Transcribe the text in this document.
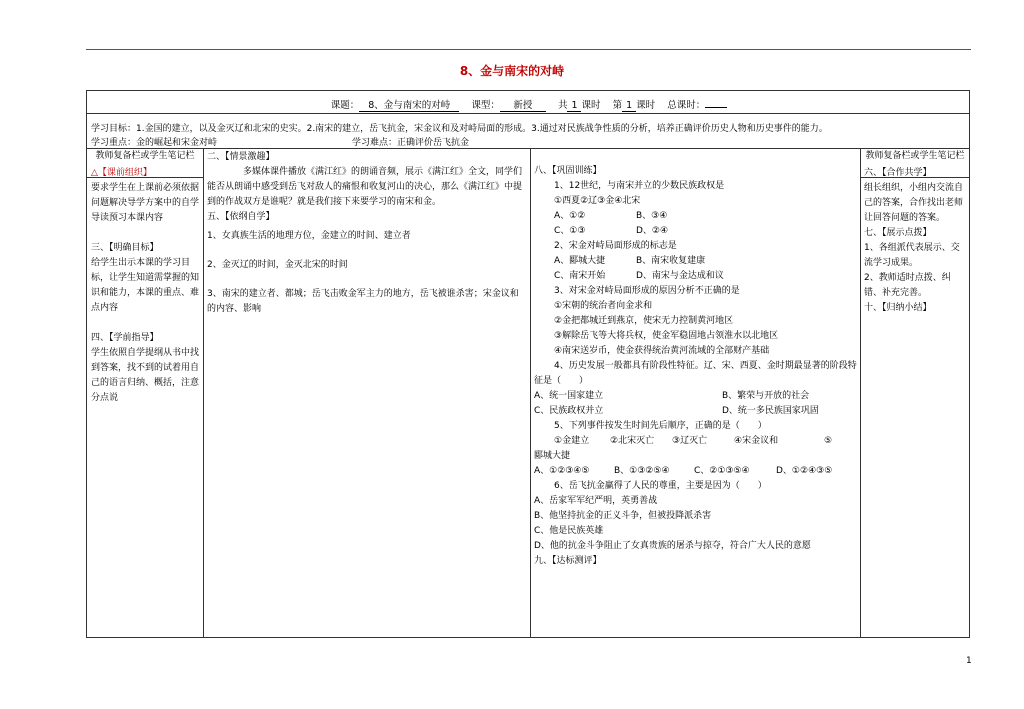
8、金与南宋的对峙
课题： 8、金与南宋的对峙 课型： 新授	共 1 课时 第 1 课时 总课时：
学习目标：1.金国的建立，以及金灭辽和北宋的史实。2.南宋的建立，岳飞抗金，宋金议和及对峙局面的形成。3.通过对民族战争性质的分析，培养正确评价历史人物和历史事件的能力。
学习重点：金的崛起和宋金对峙	学习难点：正确评价岳飞抗金

教师复备栏或学生笔记栏

△【课前组织】

要求学生在上课前必须依据问题解决导学方案中的自学导读预习本课内容

三、【明确目标】

给学生出示本课的学习目标，让学生知道需掌握的知识和能力，本课的重点、难点内容

四、【学前指导】

学生依照自学提纲从书中找到答案，找不到的试着用自己的语言归纳、概括，注意分点说

二、【情景激趣】

多媒体课件播放《满江红》的朗诵音频，展示《满江红》全文，同学们能否从朗诵中感受到岳飞对敌人的痛恨和收复河山的决心，那么《满江红》中提到的作战双方是谁呢？就是我们接下来要学习的南宋和金。

五、【依纲自学】

1、女真族生活的地理方位，金建立的时间、建立者

2、金灭辽的时间，金灭北宋的时间

3、南宋的建立者、都城；岳飞击败金军主力的地方，岳飞被谁杀害；宋金议和的内容、影响

八、【巩固训练】

1、12世纪，与南宋并立的少数民族政权是

①西夏②辽③金④北宋

A、①②	B、③④
C、①③	D、②④

2、宋金对峙局面形成的标志是

A、郾城大捷	B、南宋收复建康
C、南宋开始	D、南宋与金达成和议

3、对宋金对峙局面形成的原因分析不正确的是

①宋朝的统治者向金求和

②金把都城迁到燕京，使宋无力控制黄河地区

③解除岳飞等大将兵权，使金军稳固地占领淮水以北地区

④南宋送岁币，使金获得统治黄河流域的全部财产基础

4、历史发展一般都具有阶段性特征。辽、宋、西夏、金时期最显著的阶段特征是（　　）

A、统一国家建立	B、繁荣与开放的社会
C、民族政权并立	D、统一多民族国家巩固

5、下列事件按发生时间先后顺序，正确的是（　　）

①金建立	②北宋灭亡	③辽灭亡	④宋金议和	⑤

郾城大捷

A、①②③④⑤	B、①③②⑤④	C、②①③⑤④	D、①②④③⑤

6、岳飞抗金赢得了人民的尊重，主要是因为（　　）

A、岳家军军纪严明，英勇善战

B、他坚持抗金的正义斗争，但被投降派杀害

C、他是民族英雄

D、他的抗金斗争阻止了女真贵族的屠杀与掠夺，符合广大人民的意愿

九、【达标测评】

教师复备栏或学生笔记栏

六、【合作共学】

组长组织，小组内交流自己的答案，合作找出老师让回答问题的答案。

七、【展示点拨】

1、各组派代表展示、交流学习成果。

2、教师适时点拨、纠错、补充完善。

十、【归纳小结】

1
